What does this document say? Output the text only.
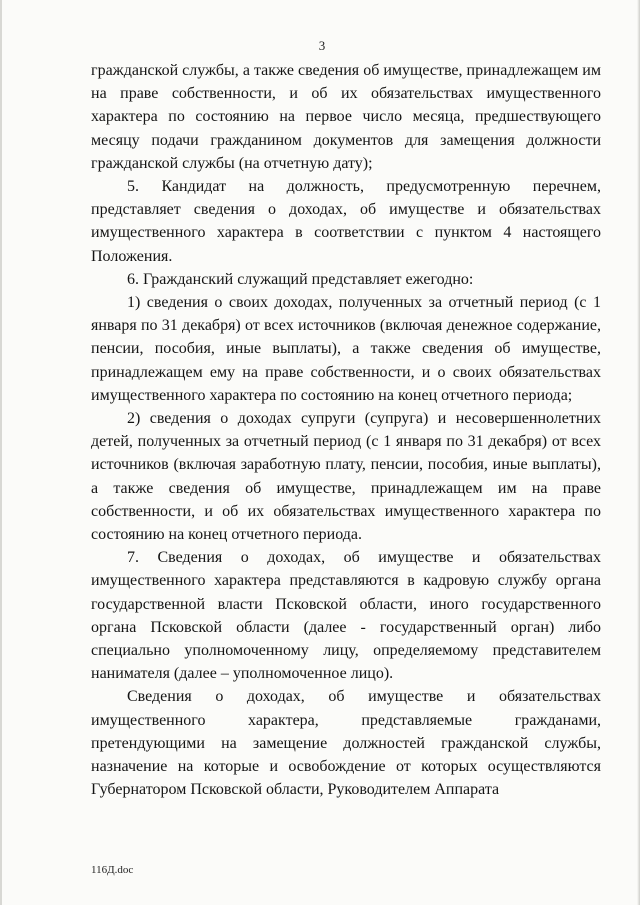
3

гражданской службы, а также сведения об имуществе, принадлежащем им на праве собственности, и об их обязательствах имущественного характера по состоянию на первое число месяца, предшествующего месяцу подачи гражданином документов для замещения должности гражданской службы (на отчетную дату);

5. Кандидат на должность, предусмотренную перечнем, представляет сведения о доходах, об имуществе и обязательствах имущественного характера в соответствии с пунктом 4 настоящего Положения.

6. Гражданский служащий представляет ежегодно:

1) сведения о своих доходах, полученных за отчетный период (с 1 января по 31 декабря) от всех источников (включая денежное содержание, пенсии, пособия, иные выплаты), а также сведения об имуществе, принадлежащем ему на праве собственности, и о своих обязательствах имущественного характера по состоянию на конец отчетного периода;

2) сведения о доходах супруги (супруга) и несовершеннолетних детей, полученных за отчетный период (с 1 января по 31 декабря) от всех источников (включая заработную плату, пенсии, пособия, иные выплаты), а также сведения об имуществе, принадлежащем им на праве собственности, и об их обязательствах имущественного характера по состоянию на конец отчетного периода.

7. Сведения о доходах, об имуществе и обязательствах имущественного характера представляются в кадровую службу органа государственной власти Псковской области, иного государственного органа Псковской области (далее - государственный орган) либо специально уполномоченному лицу, определяемому представителем нанимателя (далее – уполномоченное лицо).

Сведения о доходах, об имуществе и обязательствах имущественного характера, представляемые гражданами, претендующими на замещение должностей гражданской службы, назначение на которые и освобождение от которых осуществляются Губернатором Псковской области, Руководителем Аппарата

116Д.doc
